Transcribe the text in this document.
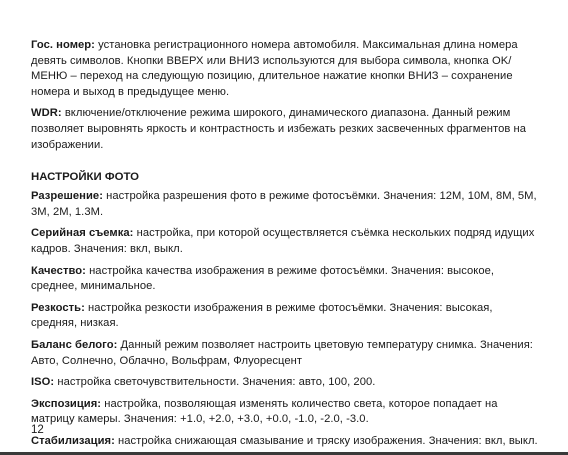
Гос. номер: установка регистрационного номера автомобиля. Максимальная длина номера девять символов. Кнопки ВВЕРХ или ВНИЗ используются для выбора символа, кнопка OK/МЕНЮ – переход на следующую позицию, длительное нажатие кнопки ВНИЗ – сохранение номера и выход в предыдущее меню.

WDR: включение/отключение режима широкого, динамического диапазона. Данный режим позволяет выровнять яркость и контрастность и избежать резких засвеченных фрагментов на изображении.

НАСТРОЙКИ ФОТО

Разрешение: настройка разрешения фото в режиме фотосъёмки. Значения: 12M, 10M, 8M, 5M, 3M, 2M, 1.3M.

Серийная съемка: настройка, при которой осуществляется съёмка нескольких подряд идущих кадров. Значения: вкл, выкл.

Качество: настройка качества изображения в режиме фотосъёмки. Значения: высокое, среднее, минимальное.

Резкость: настройка резкости изображения в режиме фотосъёмки. Значения: высокая, средняя, низкая.

Баланс белого: Данный режим позволяет настроить цветовую температуру снимка. Значения: Авто, Солнечно, Облачно, Вольфрам, Флуоресцент

ISO: настройка светочувствительности. Значения: авто, 100, 200.

Экспозиция: настройка, позволяющая изменять количество света, которое попадает на матрицу камеры. Значения: +1.0, +2.0, +3.0, +0.0, -1.0, -2.0, -3.0.

Стабилизация: настройка снижающая смазывание и тряску изображения. Значения: вкл, выкл.

12
